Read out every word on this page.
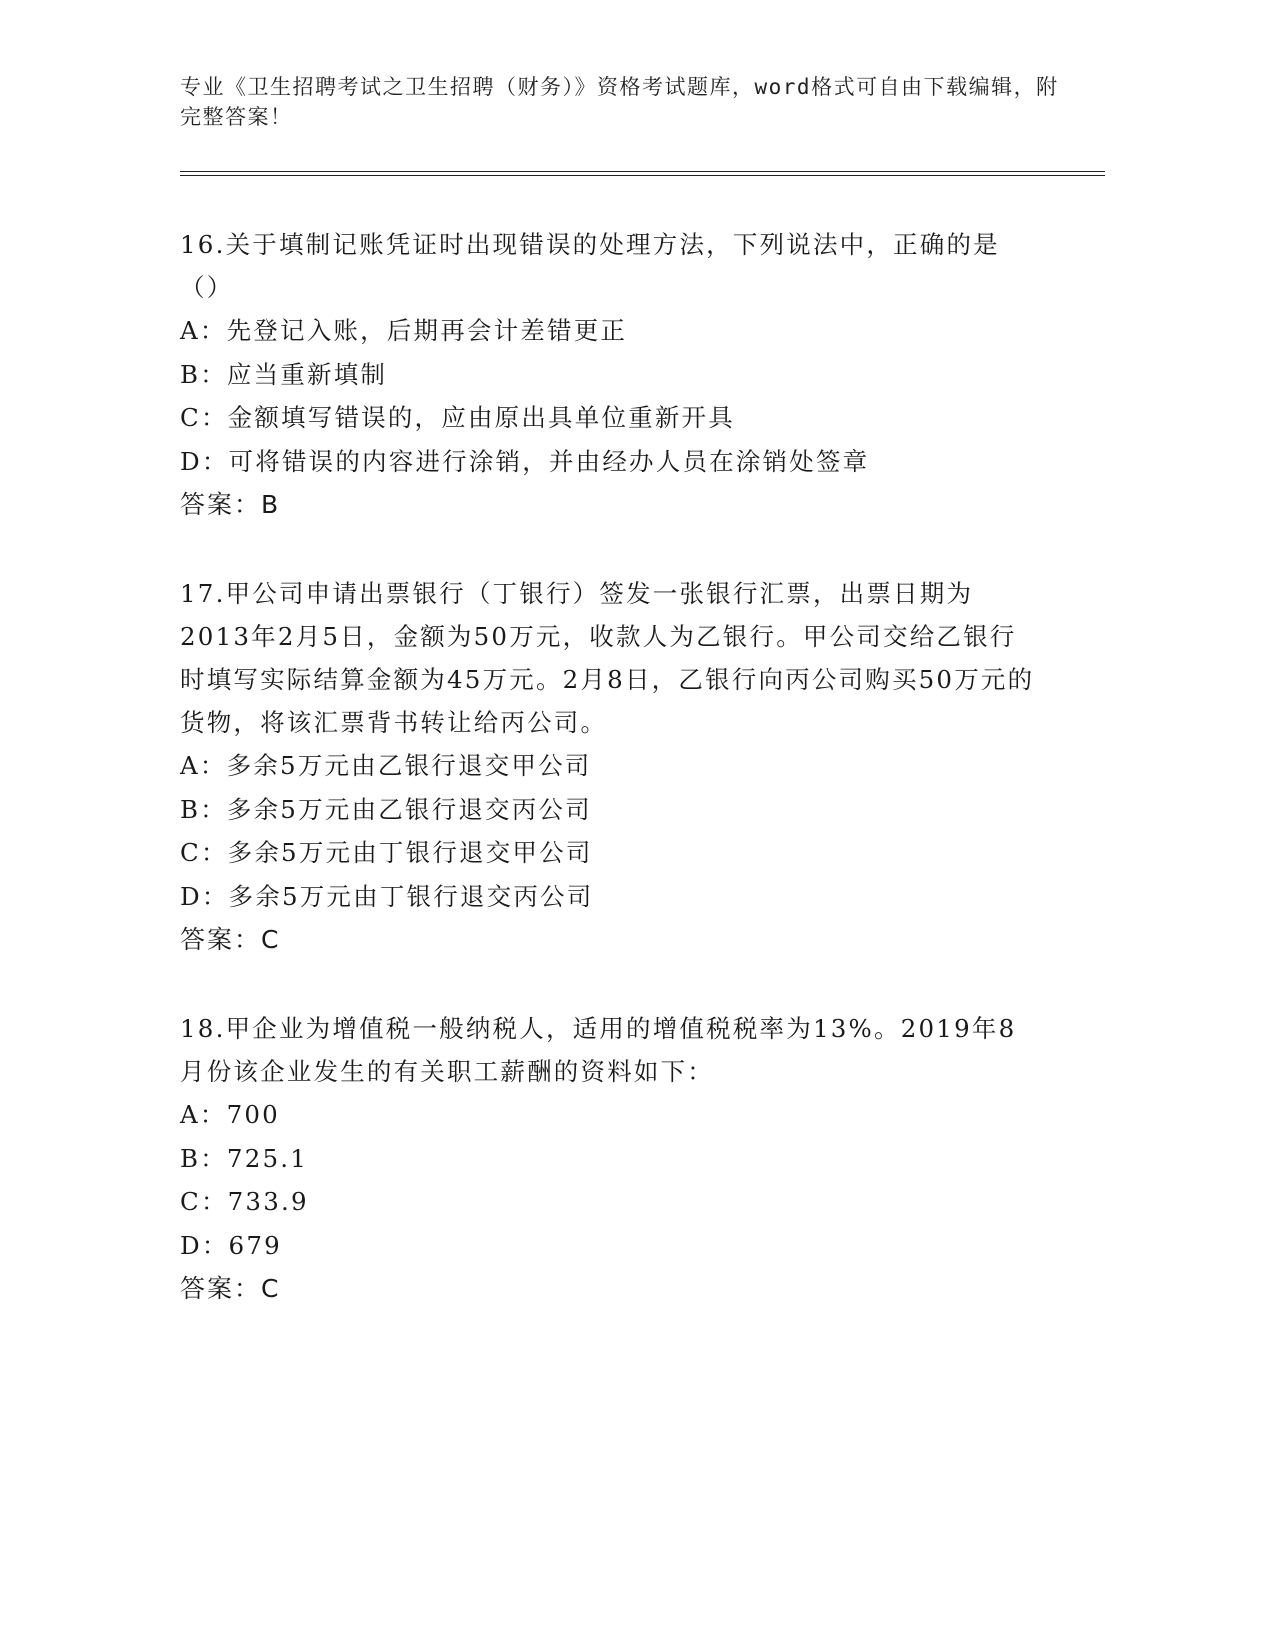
专业《卫生招聘考试之卫生招聘（财务）》资格考试题库，word格式可自由下载编辑，附完整答案！

16.关于填制记账凭证时出现错误的处理方法，下列说法中，正确的是（）

A：先登记入账，后期再会计差错更正

B：应当重新填制

C：金额填写错误的，应由原出具单位重新开具

D：可将错误的内容进行涂销，并由经办人员在涂销处签章

答案：B

17.甲公司申请出票银行（丁银行）签发一张银行汇票，出票日期为2013年2月5日，金额为50万元，收款人为乙银行。甲公司交给乙银行时填写实际结算金额为45万元。2月8日，乙银行向丙公司购买50万元的货物，将该汇票背书转让给丙公司。

A：多余5万元由乙银行退交甲公司

B：多余5万元由乙银行退交丙公司

C：多余5万元由丁银行退交甲公司

D：多余5万元由丁银行退交丙公司

答案：C

18.甲企业为增值税一般纳税人，适用的增值税税率为13%。2019年8月份该企业发生的有关职工薪酬的资料如下：

A：700

B：725.1

C：733.9

D：679

答案：C
